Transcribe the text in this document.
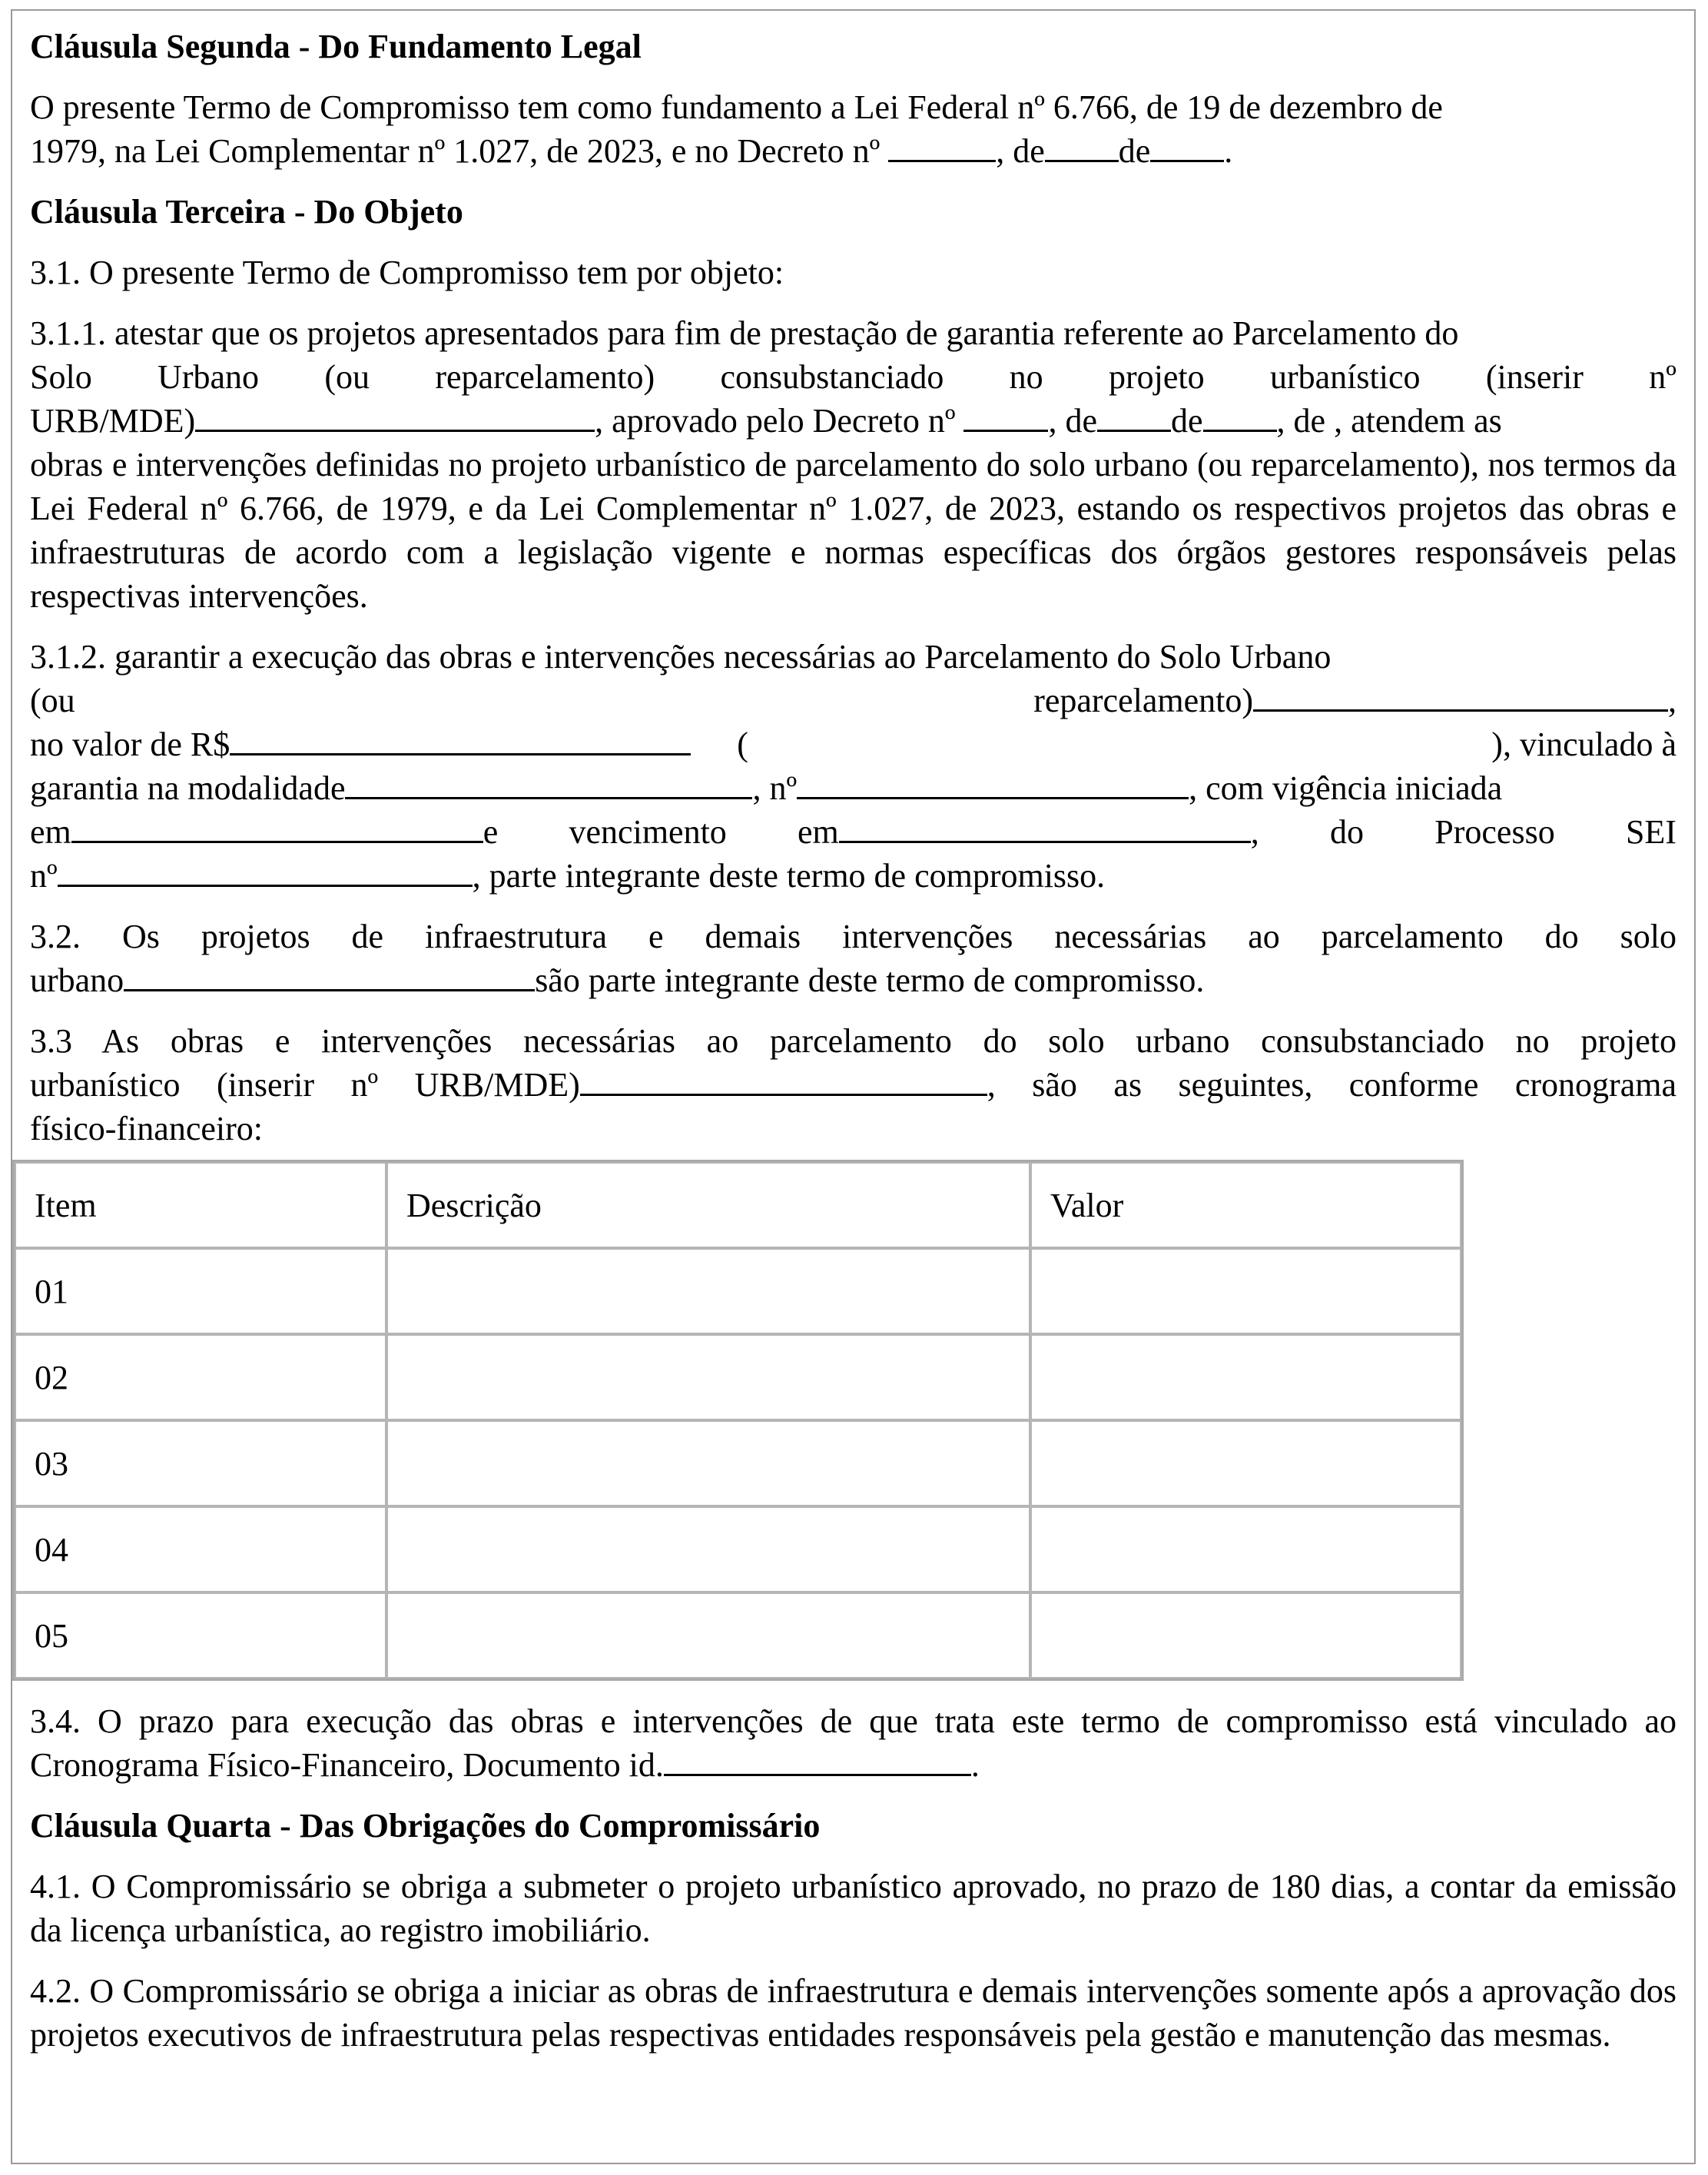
Cláusula Segunda - Do Fundamento Legal

O presente Termo de Compromisso tem como fundamento a Lei Federal nº 6.766, de 19 de dezembro de
1979, na Lei Complementar nº 1.027, de 2023, e no Decreto nº	, de de .

Cláusula Terceira - Do Objeto

3.1. O presente Termo de Compromisso tem por objeto:

3.1.1. atestar que os projetos apresentados para fim de prestação de garantia referente ao Parcelamento do
Solo Urbano (ou reparcelamento) consubstanciado no projeto urbanístico (inserir nº
URB/MDE)	, aprovado pelo Decreto nº	, de de , de , atendem as

obras e intervenções definidas no projeto urbanístico de parcelamento do solo urbano (ou reparcelamento), nos termos da Lei Federal nº 6.766, de 1979, e da Lei Complementar nº 1.027, de 2023, estando os respectivos projetos das obras e infraestruturas de acordo com a legislação vigente e normas específicas dos órgãos gestores responsáveis pelas respectivas intervenções.

3.1.2. garantir a execução das obras e intervenções necessárias ao Parcelamento do Solo Urbano
(ou	reparcelamento)	,
no valor de R$	(	), vinculado à
garantia na modalidade	, nº	, com vigência iniciada
em	e vencimento em	, do Processo SEI
nº	, parte integrante deste termo de compromisso.
3.2. Os projetos de infraestrutura e demais intervenções necessárias ao parcelamento do solo
urbano	são parte integrante deste termo de compromisso.
3.3 As obras e intervenções necessárias ao parcelamento do solo urbano consubstanciado no projeto
urbanístico (inserir nº URB/MDE)	, são as seguintes, conforme cronograma
físico-financeiro:
Item	Descrição	Valor
01		
02		
03		
04		
05		

3.4. O prazo para execução das obras e intervenções de que trata este termo de compromisso está vinculado ao Cronograma Físico-Financeiro, Documento id.	.

Cláusula Quarta - Das Obrigações do Compromissário

4.1. O Compromissário se obriga a submeter o projeto urbanístico aprovado, no prazo de 180 dias, a contar da emissão da licença urbanística, ao registro imobiliário.

4.2. O Compromissário se obriga a iniciar as obras de infraestrutura e demais intervenções somente após a aprovação dos projetos executivos de infraestrutura pelas respectivas entidades responsáveis pela gestão e manutenção das mesmas.
